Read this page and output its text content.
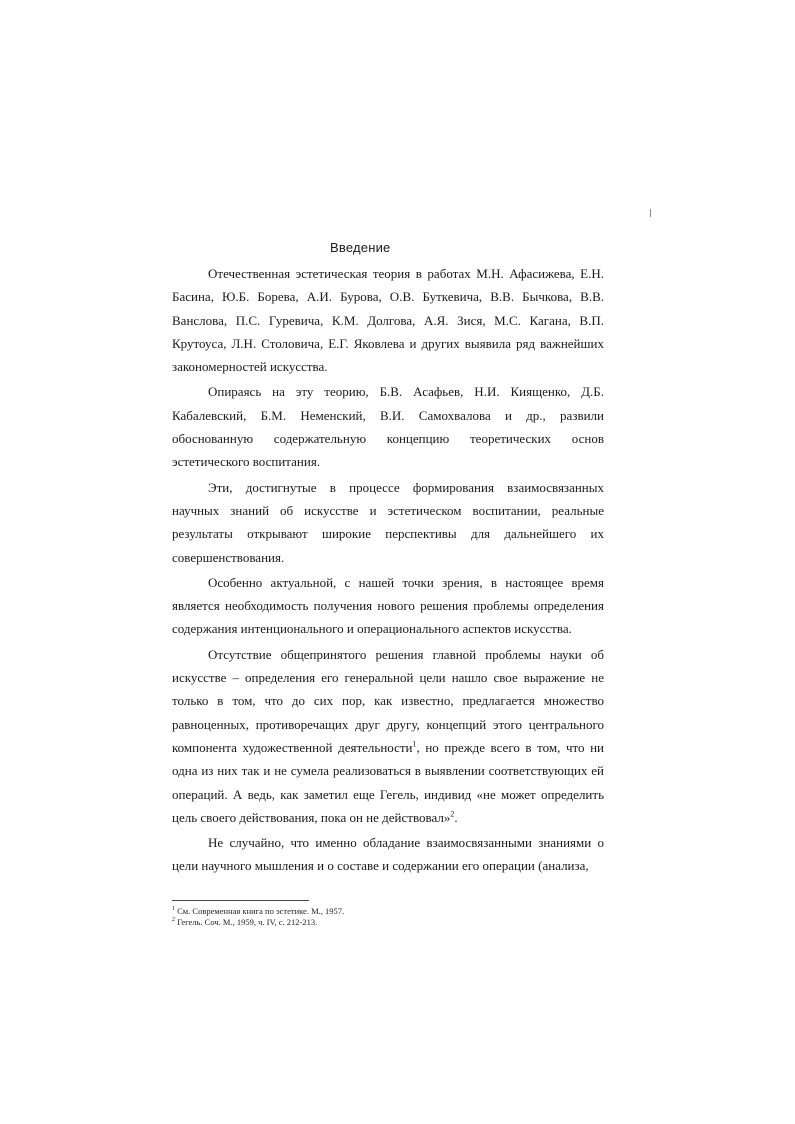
Введение

Отечественная эстетическая теория в работах М.Н. Афасижева, Е.Н. Басина, Ю.Б. Борева, А.И. Бурова, О.В. Буткевича, В.В. Бычкова, В.В. Ванслова, П.С. Гуревича, К.М. Долгова, А.Я. Зися, М.С. Кагана, В.П. Крутоуса, Л.Н. Столовича, Е.Г. Яковлева и других выявила ряд важнейших закономерностей искусства.

Опираясь на эту теорию, Б.В. Асафьев, Н.И. Киященко, Д.Б. Кабалевский, Б.М. Неменский, В.И. Самохвалова и др., развили обоснованную содержательную концепцию теоретических основ эстетического воспитания.

Эти, достигнутые в процессе формирования взаимосвязанных научных знаний об искусстве и эстетическом воспитании, реальные результаты открывают широкие перспективы для дальнейшего их совершенствования.

Особенно актуальной, с нашей точки зрения, в настоящее время является необходимость получения нового решения проблемы определения содержания интенционального и операционального аспектов искусства.

Отсутствие общепринятого решения главной проблемы науки об искусстве – определения его генеральной цели нашло свое выражение не только в том, что до сих пор, как известно, предлагается множество равноценных, противоречащих друг другу, концепций этого центрального компонента художественной деятельности$^1$, но прежде всего в том, что ни одна из них так и не сумела реализоваться в выявлении соответствующих ей операций. А ведь, как заметил еще Гегель, индивид «не может определить цель своего действования, пока он не действовал»$^2$.

Не случайно, что именно обладание взаимосвязанными знаниями о цели научного мышления и о составе и содержании его операции (анализа,

$^1$ См. Современная книга по эстетике. М., 1957.
$^2$ Гегель. Соч. М., 1959, ч. IV, с. 212-213.
